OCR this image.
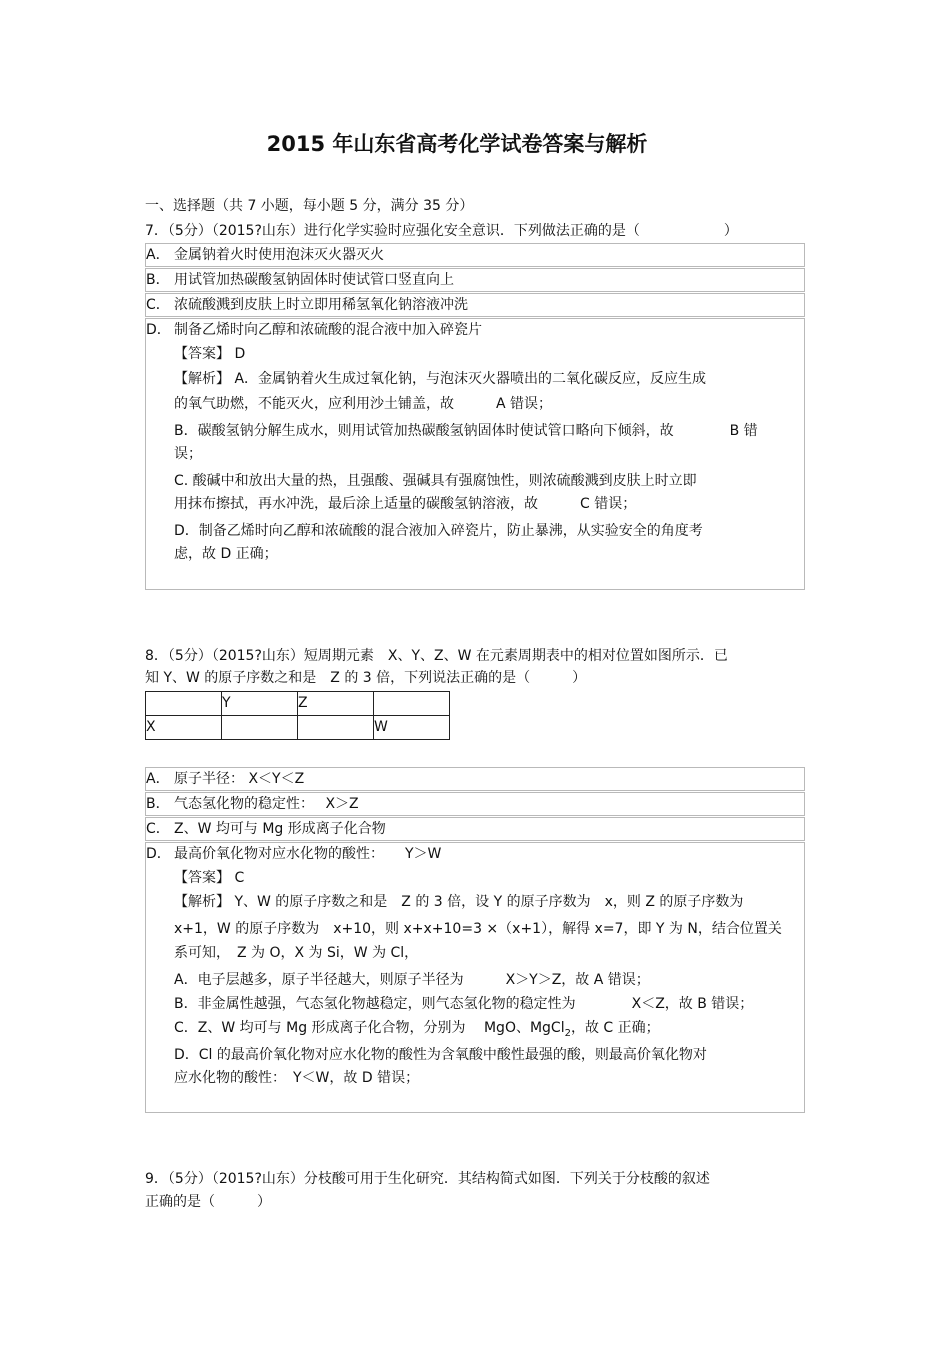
2015 年山东省高考化学试卷答案与解析
一、选择题（共 7 小题，每小题 5 分，满分 35 分）
7．（5分）（2015?山东）进行化学实验时应强化安全意识．下列做法正确的是（　　　　　　）
A． 金属钠着火时使用泡沫灭火器灭火
B． 用试管加热碳酸氢钠固体时使试管口竖直向上
C． 浓硫酸溅到皮肤上时立即用稀氢氧化钠溶液冲洗
D． 制备乙烯时向乙醇和浓硫酸的混合液中加入碎瓷片
【答案】 D
【解析】 A．金属钠着火生成过氧化钠，与泡沫灭火器喷出的二氧化碳反应，反应生成
的氧气助燃，不能灭火，应利用沙土铺盖，故　　　A 错误；
B．碳酸氢钠分解生成水，则用试管加热碳酸氢钠固体时使试管口略向下倾斜，故　　　　B 错
误；
C. 酸碱中和放出大量的热，且强酸、强碱具有强腐蚀性，则浓硫酸溅到皮肤上时立即
用抹布擦拭，再水冲洗，最后涂上适量的碳酸氢钠溶液，故　　　C 错误；
D．制备乙烯时向乙醇和浓硫酸的混合液加入碎瓷片，防止暴沸，从实验安全的角度考
虑，故 D 正确；
8．（5分）（2015?山东）短周期元素　X、Y、Z、W 在元素周期表中的相对位置如图所示．已
知 Y、W 的原子序数之和是　Z 的 3 倍，下列说法正确的是（　　　）
	Y	Z	
X			W
A． 原子半径： X＜Y＜Z
B． 气态氢化物的稳定性：　 X＞Z
C． Z、W 均可与 Mg 形成离子化合物
D． 最高价氧化物对应水化物的酸性：　　Y＞W
【答案】 C
【解析】 Y、W 的原子序数之和是　Z 的 3 倍，设 Y 的原子序数为　x，则 Z 的原子序数为
x+1，W 的原子序数为　x+10，则 x+x+10=3 ×（x+1），解得 x=7，即 Y 为 N，结合位置关
系可知，　Z 为 O，X 为 Si，W 为 Cl，
A．电子层越多，原子半径越大，则原子半径为　　　X＞Y＞Z，故 A 错误；
B．非金属性越强，气态氢化物越稳定，则气态氢化物的稳定性为　　　　X＜Z，故 B 错误；
C．Z、W 均可与 Mg 形成离子化合物，分别为　 MgO、MgCl$_2$，故 C 正确；
D．Cl 的最高价氧化物对应水化物的酸性为含氧酸中酸性最强的酸，则最高价氧化物对
应水化物的酸性：　Y＜W，故 D 错误；
9．（5分）（2015?山东）分枝酸可用于生化研究．其结构简式如图．下列关于分枝酸的叙述
正确的是（　　　）
